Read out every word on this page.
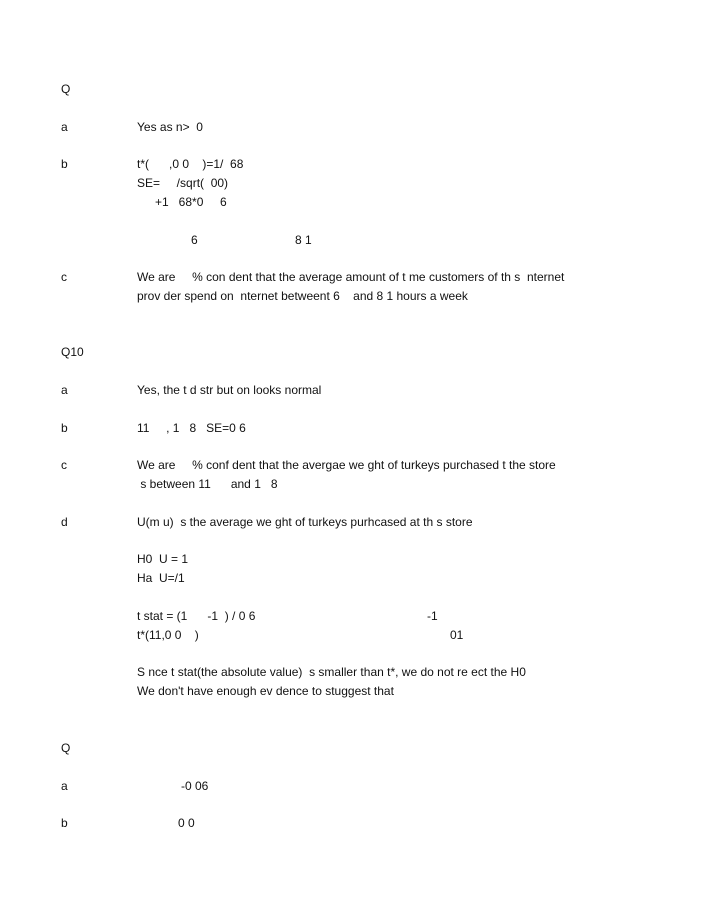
Q
a	Yes as n>  0
b	t*(      ,0 0    )=1/  68
SE=     /sqrt(  00)
+1   68*0     6
6	8 1
c	We are     % con dent that the average amount of t me customers of th s  nternet
prov der spend on  nternet betweent 6    and 8 1 hours a week
Q10
a	Yes, the t d str but on looks normal
b	11     , 1   8   SE=0 6
c	We are     % conf dent that the avergae we ght of turkeys purchased t the store
s between 11      and 1   8
d	U(m u)  s the average we ght of turkeys purhcased at th s store
H0  U = 1
Ha  U=/1
t stat = (1      -1  ) / 0 6	-1
t*(11,0 0    )	01
S nce t stat(the absolute value)  s smaller than t*, we do not re ect the H0
We don't have enough ev dence to stuggest that
Q
a	-0 06
b	0 0
